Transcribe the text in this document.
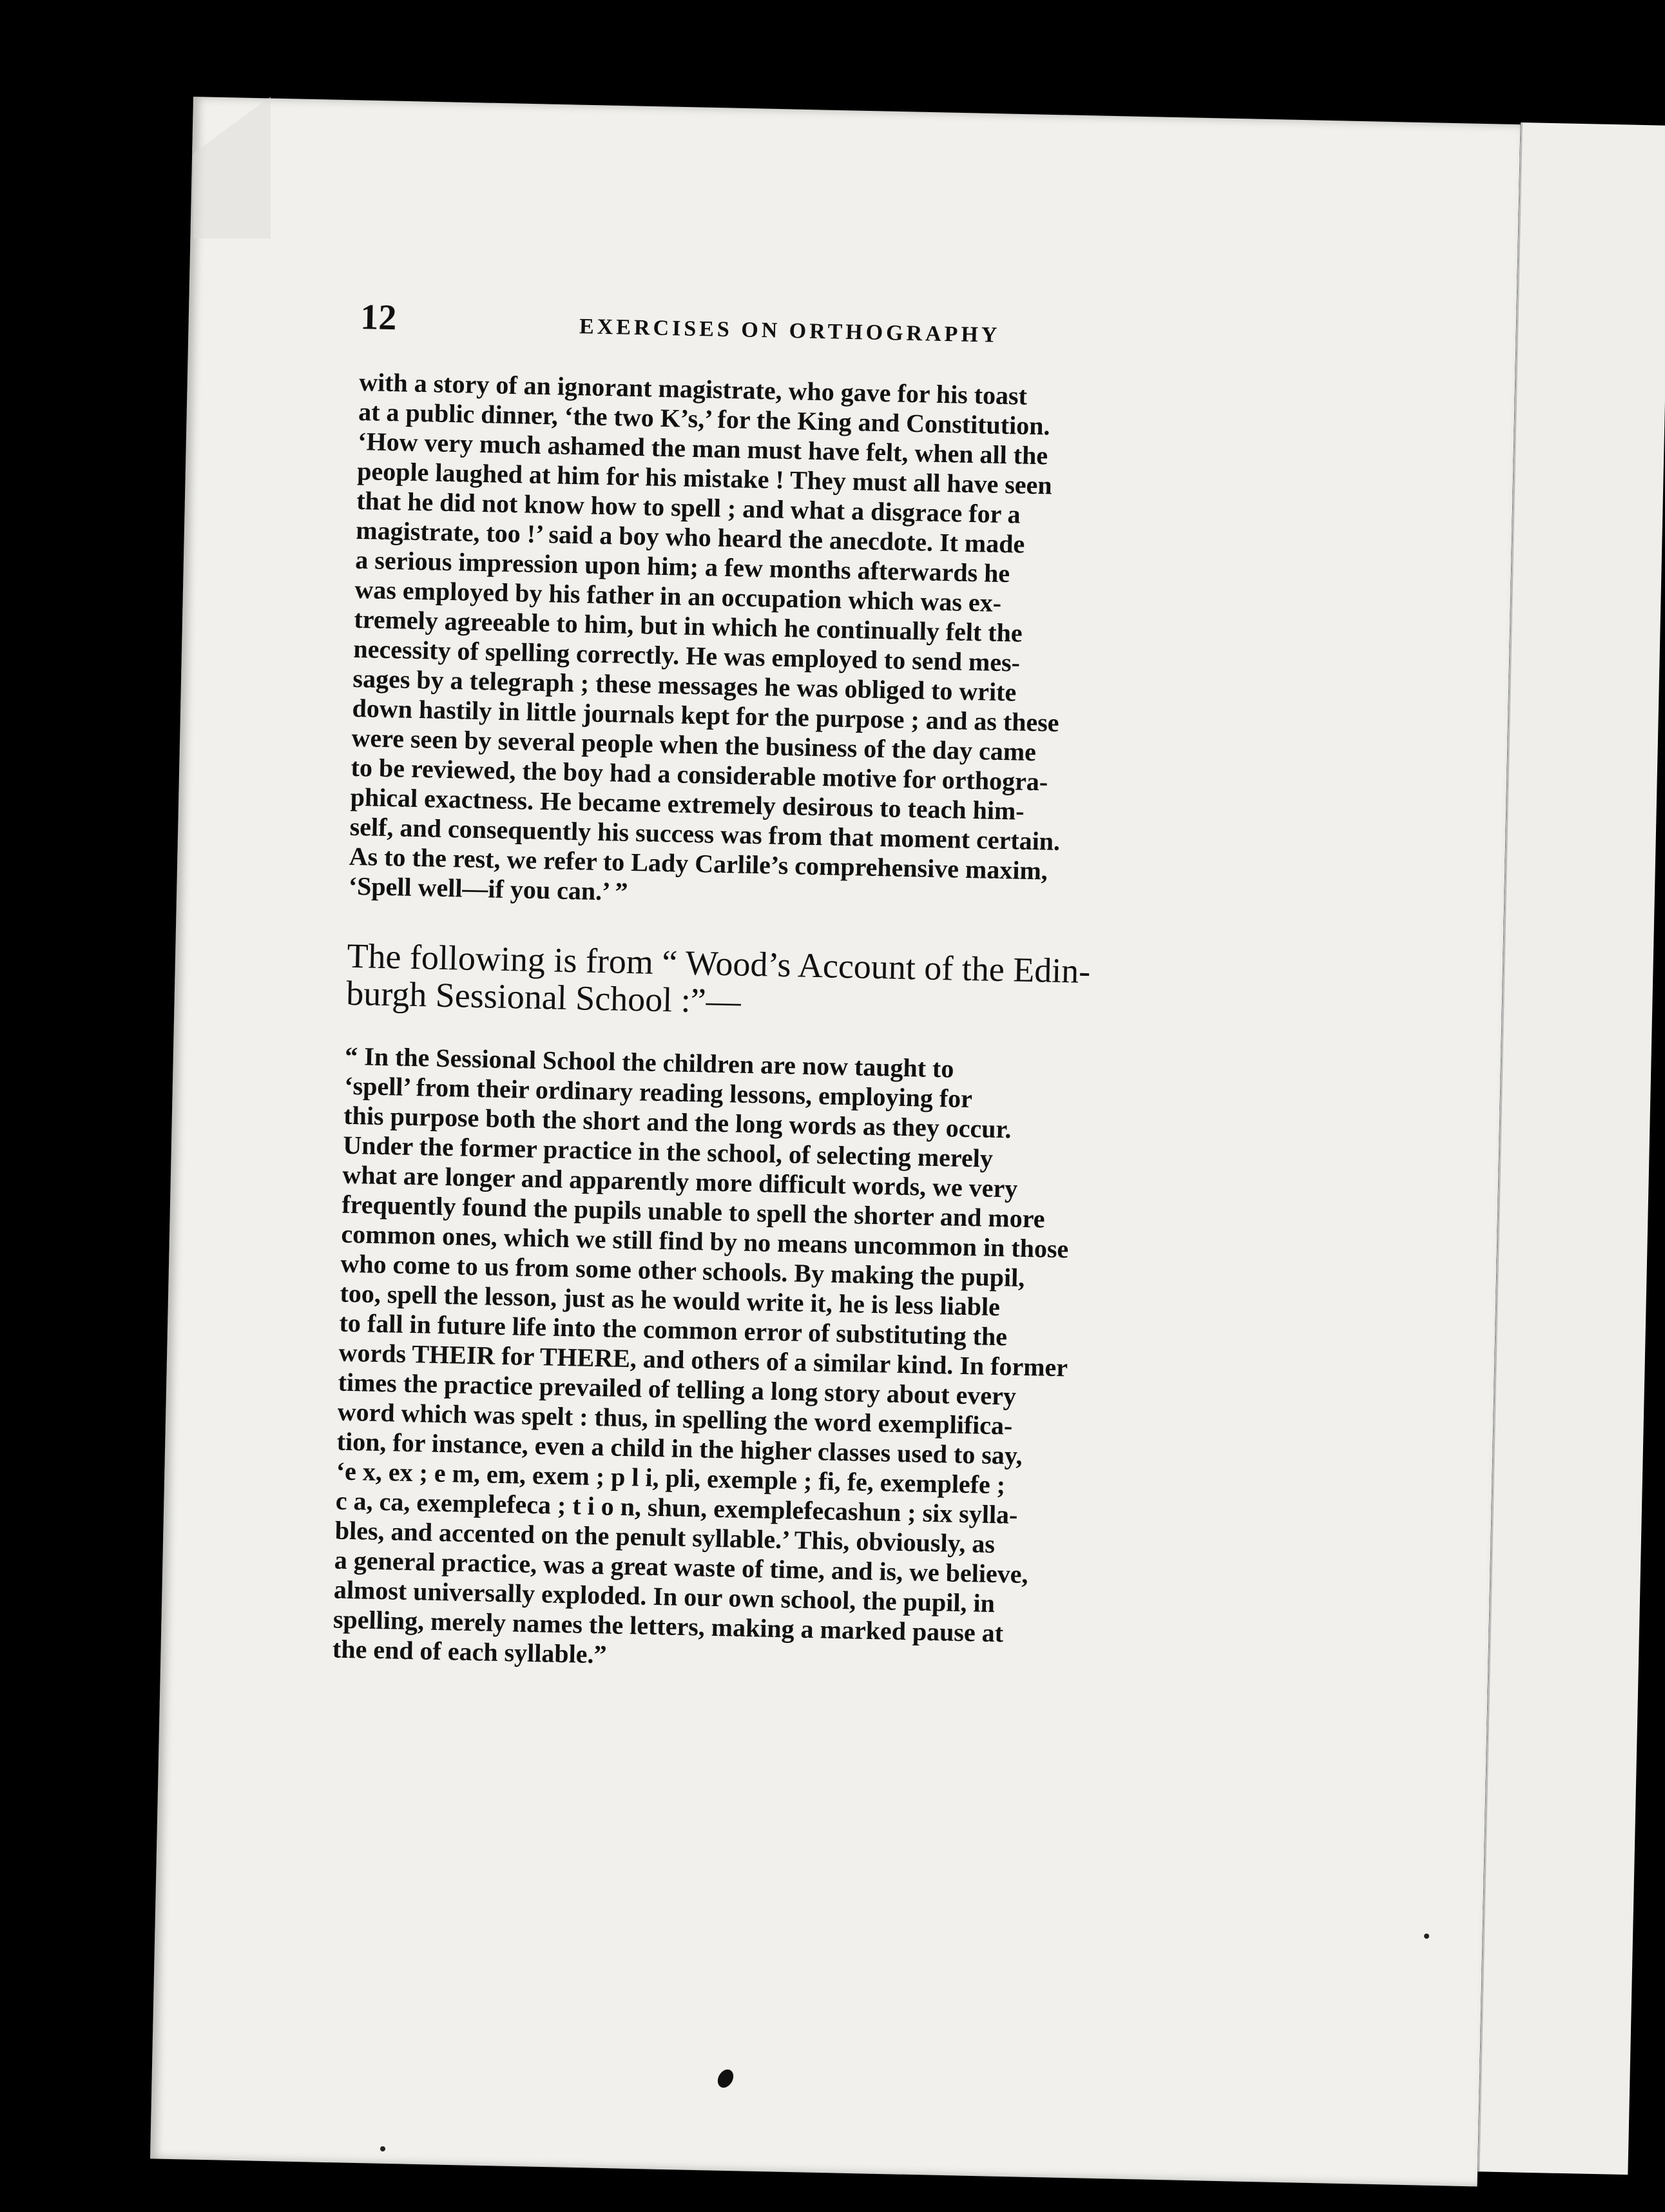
12	EXERCISES ON ORTHOGRAPHY

with a story of an ignorant magistrate, who gave for his toast
at a public dinner, ‘the two K’s,’ for the King and Constitution.
‘How very much ashamed the man must have felt, when all the
people laughed at him for his mistake ! They must all have seen
that he did not know how to spell ; and what a disgrace for a
magistrate, too !’ said a boy who heard the anecdote. It made
a serious impression upon him; a few months afterwards he
was employed by his father in an occupation which was ex-
tremely agreeable to him, but in which he continually felt the
necessity of spelling correctly. He was employed to send mes-
sages by a telegraph ; these messages he was obliged to write
down hastily in little journals kept for the purpose ; and as these
were seen by several people when the business of the day came
to be reviewed, the boy had a considerable motive for orthogra-
phical exactness. He became extremely desirous to teach him-
self, and consequently his success was from that moment certain.
As to the rest, we refer to Lady Carlile’s comprehensive maxim,
‘Spell well—if you can.’ ”

The following is from “ Wood’s Account of the Edin-
burgh Sessional School :”—

“ In the Sessional School the children are now taught to
‘spell’ from their ordinary reading lessons, employing for
this purpose both the short and the long words as they occur.
Under the former practice in the school, of selecting merely
what are longer and apparently more difficult words, we very
frequently found the pupils unable to spell the shorter and more
common ones, which we still find by no means uncommon in those
who come to us from some other schools. By making the pupil,
too, spell the lesson, just as he would write it, he is less liable
to fall in future life into the common error of substituting the
words THEIR for THERE, and others of a similar kind. In former
times the practice prevailed of telling a long story about every
word which was spelt : thus, in spelling the word exemplifica-
tion, for instance, even a child in the higher classes used to say,
‘e x, ex ; e m, em, exem ; p l i, pli, exemple ; fi, fe, exemplefe ;
c a, ca, exemplefeca ; t i o n, shun, exemplefecashun ; six sylla-
bles, and accented on the penult syllable.’ This, obviously, as
a general practice, was a great waste of time, and is, we believe,
almost universally exploded. In our own school, the pupil, in
spelling, merely names the letters, making a marked pause at
the end of each syllable.”
